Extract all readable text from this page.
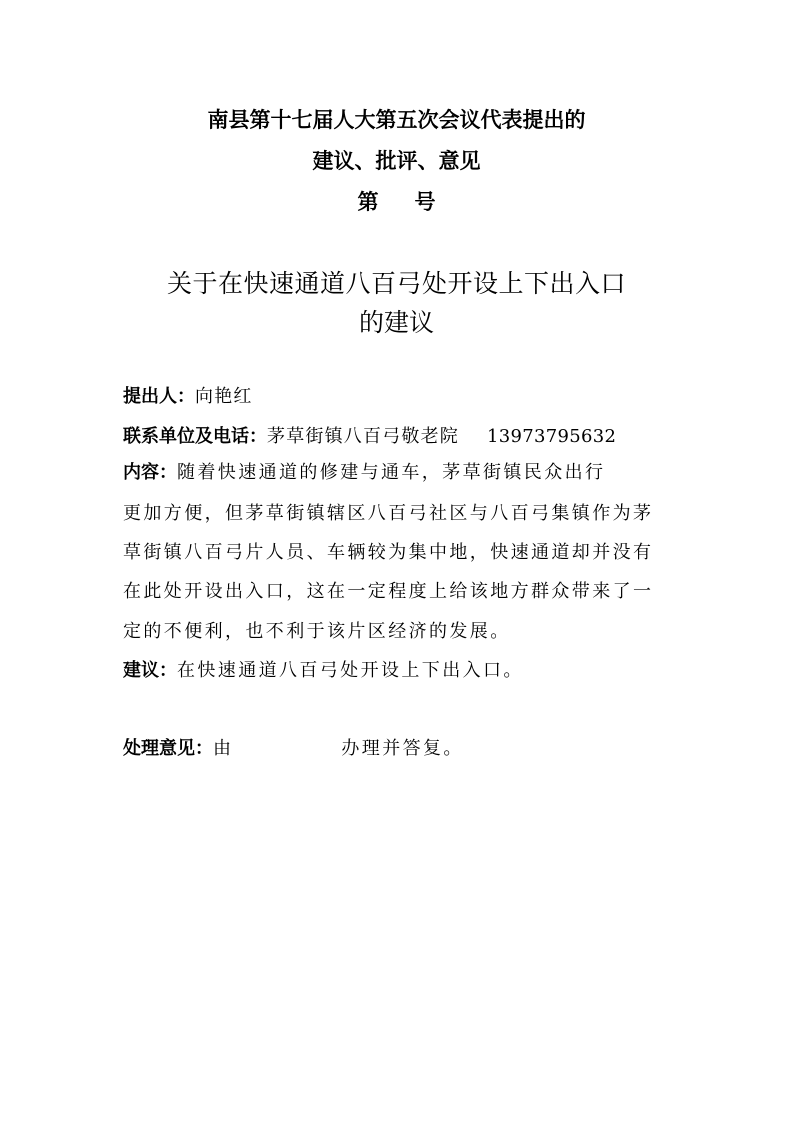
南县第十七届人大第五次会议代表提出的
建议、批评、意见
第 号
关于在快速通道八百弓处开设上下出入口
的建议
提出人：向艳红
联系单位及电话：茅草街镇八百弓敬老院 13973795632
内容：随着快速通道的修建与通车，茅草街镇民众出行
更加方便，但茅草街镇辖区八百弓社区与八百弓集镇作为茅
草街镇八百弓片人员、车辆较为集中地，快速通道却并没有
在此处开设出入口，这在一定程度上给该地方群众带来了一
定的不便利，也不利于该片区经济的发展。
建议：在快速通道八百弓处开设上下出入口。
处理意见：由	办理并答复。
